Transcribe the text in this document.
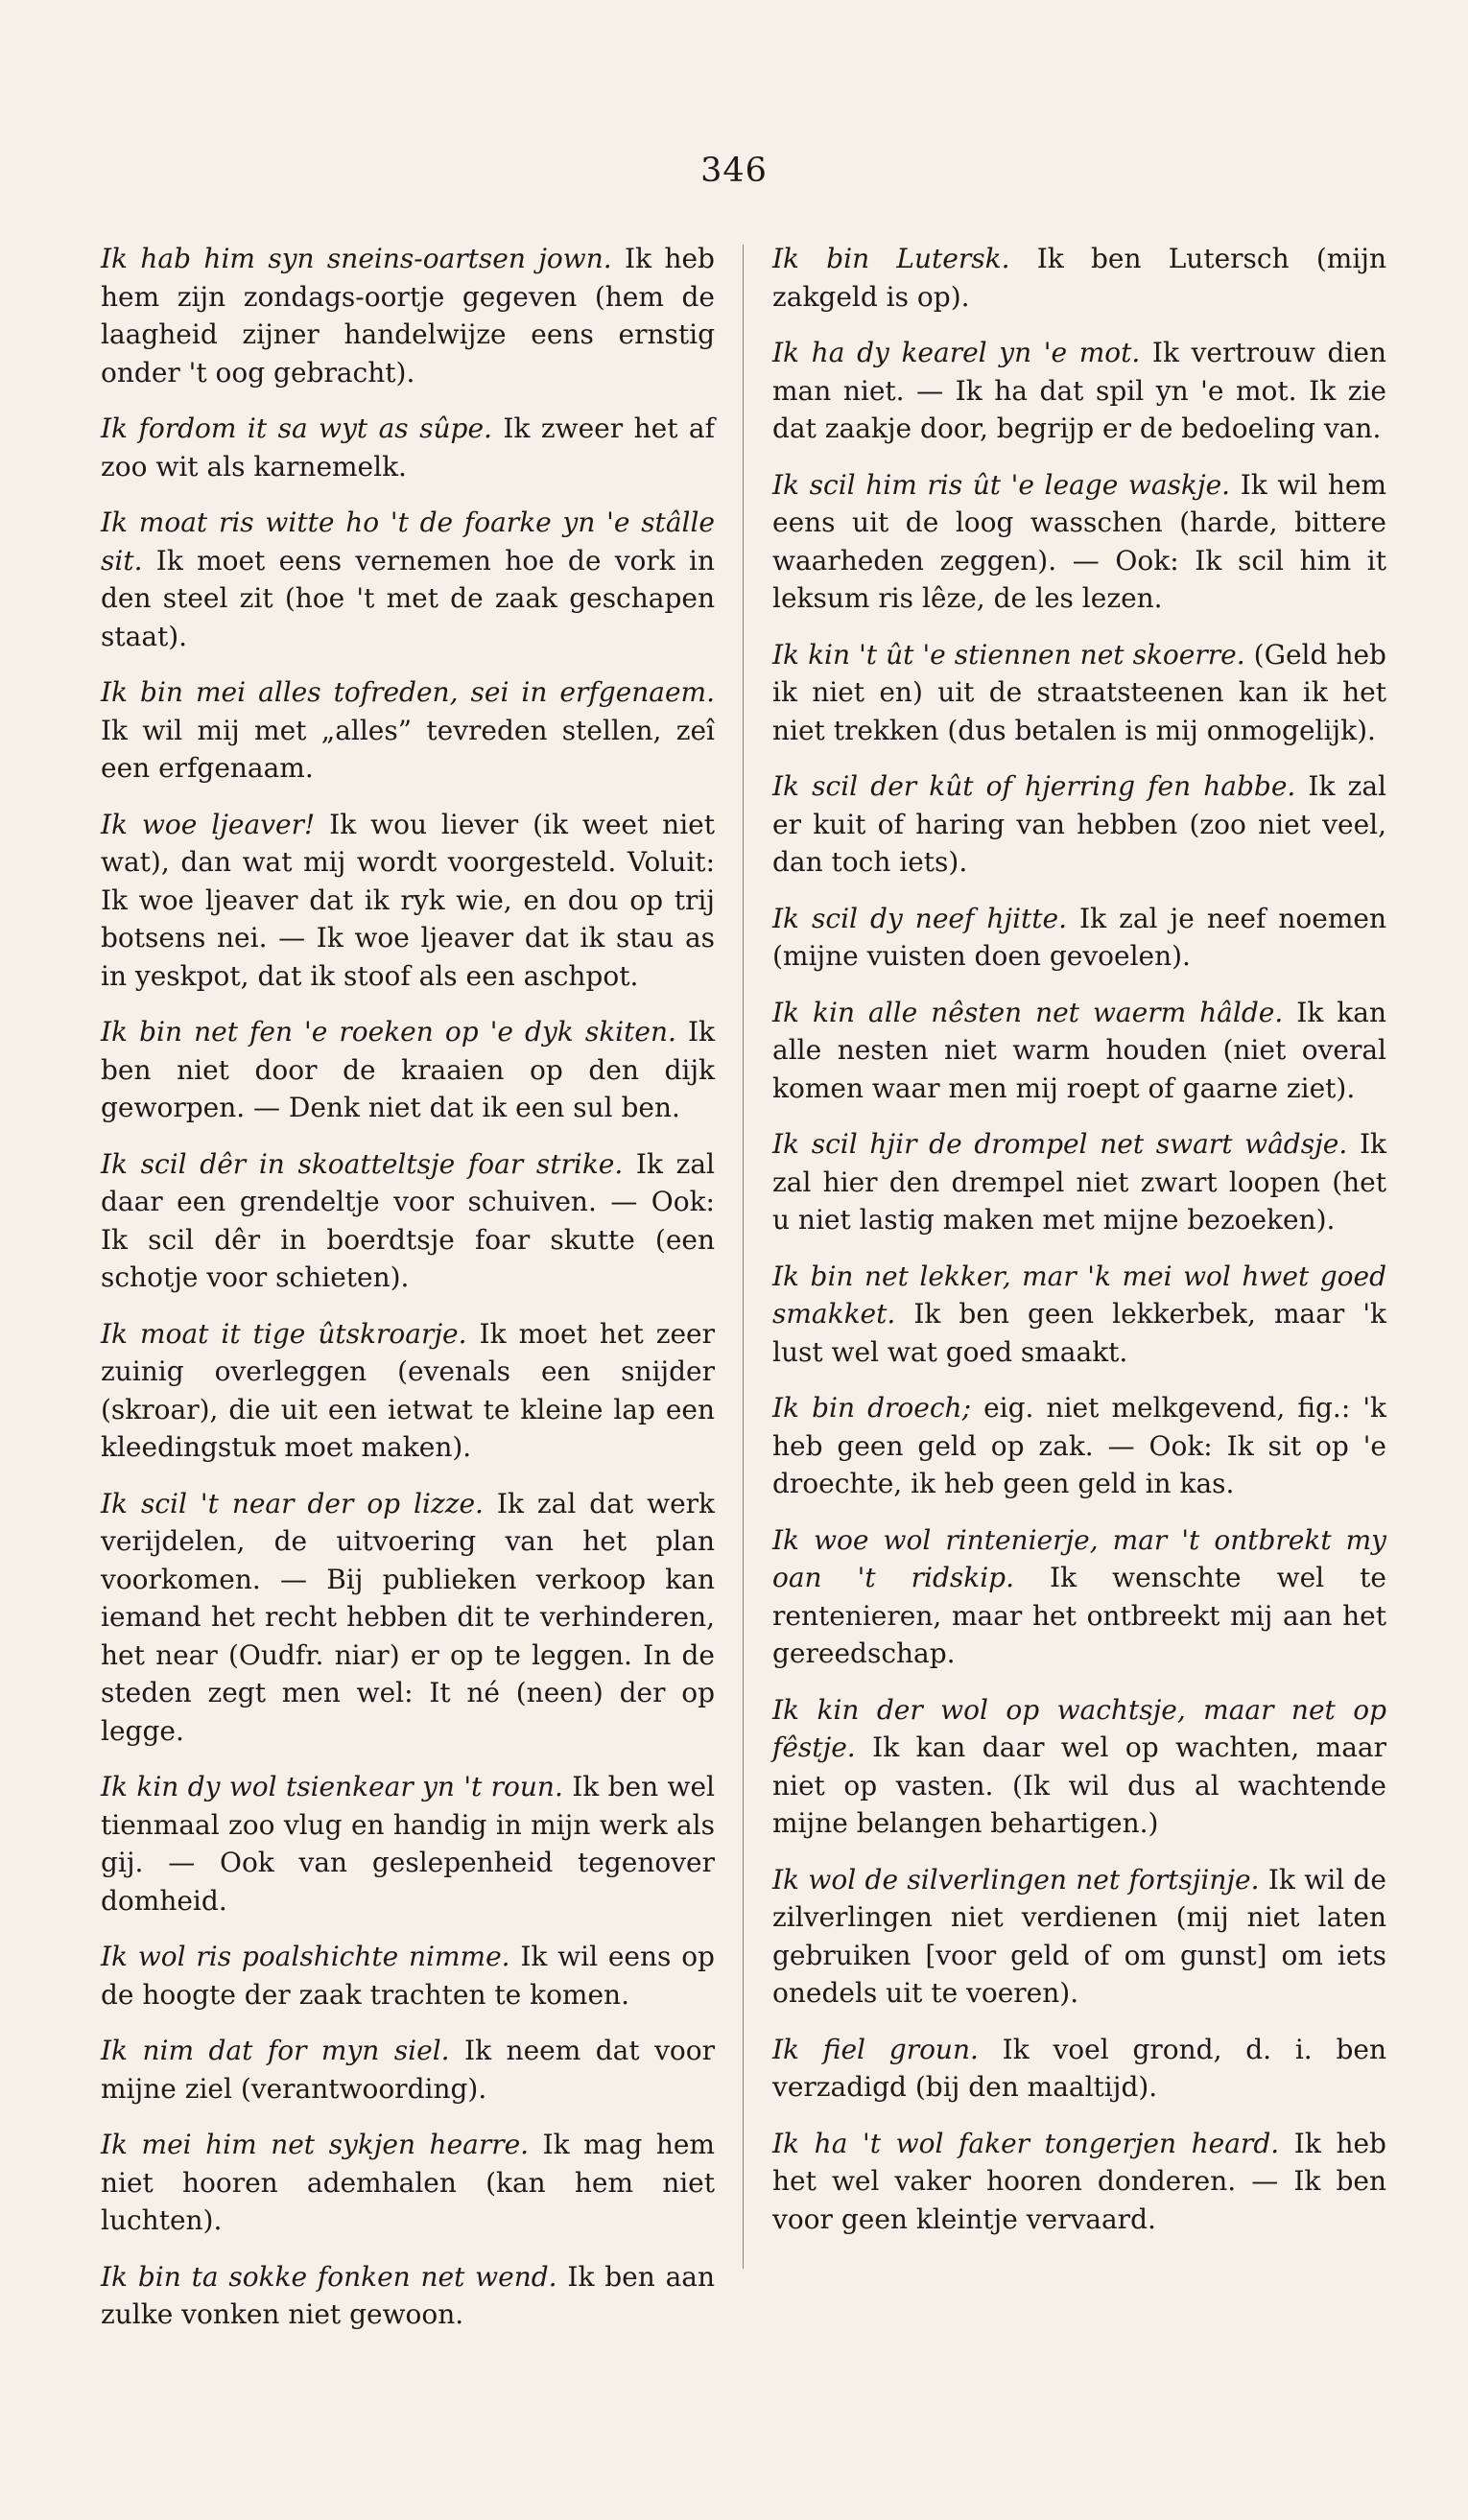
346

Ik hab him syn sneins-oartsen jown. Ik heb hem zijn zondags-oortje gegeven (hem de laagheid zijner handelwijze eens ernstig onder 't oog gebracht).

Ik fordom it sa wyt as sûpe. Ik zweer het af zoo wit als karnemelk.

Ik moat ris witte ho 't de foarke yn 'e stâlle sit. Ik moet eens vernemen hoe de vork in den steel zit (hoe 't met de zaak geschapen staat).

Ik bin mei alles tofreden, sei in erfgenaem. Ik wil mij met „alles” tevreden stellen, zeî een erfgenaam.

Ik woe ljeaver! Ik wou liever (ik weet niet wat), dan wat mij wordt voorgesteld. Voluit: Ik woe ljeaver dat ik ryk wie, en dou op trij botsens nei. — Ik woe ljeaver dat ik stau as in yeskpot, dat ik stoof als een aschpot.

Ik bin net fen 'e roeken op 'e dyk skiten. Ik ben niet door de kraaien op den dijk geworpen. — Denk niet dat ik een sul ben.

Ik scil dêr in skoatteltsje foar strike. Ik zal daar een grendeltje voor schuiven. — Ook: Ik scil dêr in boerdtsje foar skutte (een schotje voor schieten).

Ik moat it tige ûtskroarje. Ik moet het zeer zuinig overleggen (evenals een snijder (skroar), die uit een ietwat te kleine lap een kleedingstuk moet maken).

Ik scil 't near der op lizze. Ik zal dat werk verijdelen, de uitvoering van het plan voorkomen. — Bij publieken verkoop kan iemand het recht hebben dit te verhinderen, het near (Oudfr. niar) er op te leggen. In de steden zegt men wel: It né (neen) der op legge.

Ik kin dy wol tsienkear yn 't roun. Ik ben wel tienmaal zoo vlug en handig in mijn werk als gij. — Ook van geslepenheid tegenover domheid.

Ik wol ris poalshichte nimme. Ik wil eens op de hoogte der zaak trachten te komen.

Ik nim dat for myn siel. Ik neem dat voor mijne ziel (verantwoording).

Ik mei him net sykjen hearre. Ik mag hem niet hooren ademhalen (kan hem niet luchten).

Ik bin ta sokke fonken net wend. Ik ben aan zulke vonken niet gewoon.

Ik bin Lutersk. Ik ben Lutersch (mijn zakgeld is op).

Ik ha dy kearel yn 'e mot. Ik vertrouw dien man niet. — Ik ha dat spil yn 'e mot. Ik zie dat zaakje door, begrijp er de bedoeling van.

Ik scil him ris ût 'e leage waskje. Ik wil hem eens uit de loog wasschen (harde, bittere waarheden zeggen). — Ook: Ik scil him it leksum ris lêze, de les lezen.

Ik kin 't ût 'e stiennen net skoerre. (Geld heb ik niet en) uit de straatsteenen kan ik het niet trekken (dus betalen is mij onmogelijk).

Ik scil der kût of hjerring fen habbe. Ik zal er kuit of haring van hebben (zoo niet veel, dan toch iets).

Ik scil dy neef hjitte. Ik zal je neef noemen (mijne vuisten doen gevoelen).

Ik kin alle nêsten net waerm hâlde. Ik kan alle nesten niet warm houden (niet overal komen waar men mij roept of gaarne ziet).

Ik scil hjir de drompel net swart wâdsje. Ik zal hier den drempel niet zwart loopen (het u niet lastig maken met mijne bezoeken).

Ik bin net lekker, mar 'k mei wol hwet goed smakket. Ik ben geen lekkerbek, maar 'k lust wel wat goed smaakt.

Ik bin droech; eig. niet melkgevend, fig.: 'k heb geen geld op zak. — Ook: Ik sit op 'e droechte, ik heb geen geld in kas.

Ik woe wol rintenierje, mar 't ontbrekt my oan 't ridskip. Ik wenschte wel te rentenieren, maar het ontbreekt mij aan het gereedschap.

Ik kin der wol op wachtsje, maar net op fêstje. Ik kan daar wel op wachten, maar niet op vasten. (Ik wil dus al wachtende mijne belangen behartigen.)

Ik wol de silverlingen net fortsjinje. Ik wil de zilverlingen niet verdienen (mij niet laten gebruiken [voor geld of om gunst] om iets onedels uit te voeren).

Ik fiel groun. Ik voel grond, d. i. ben verzadigd (bij den maaltijd).

Ik ha 't wol faker tongerjen heard. Ik heb het wel vaker hooren donderen. — Ik ben voor geen kleintje vervaard.
